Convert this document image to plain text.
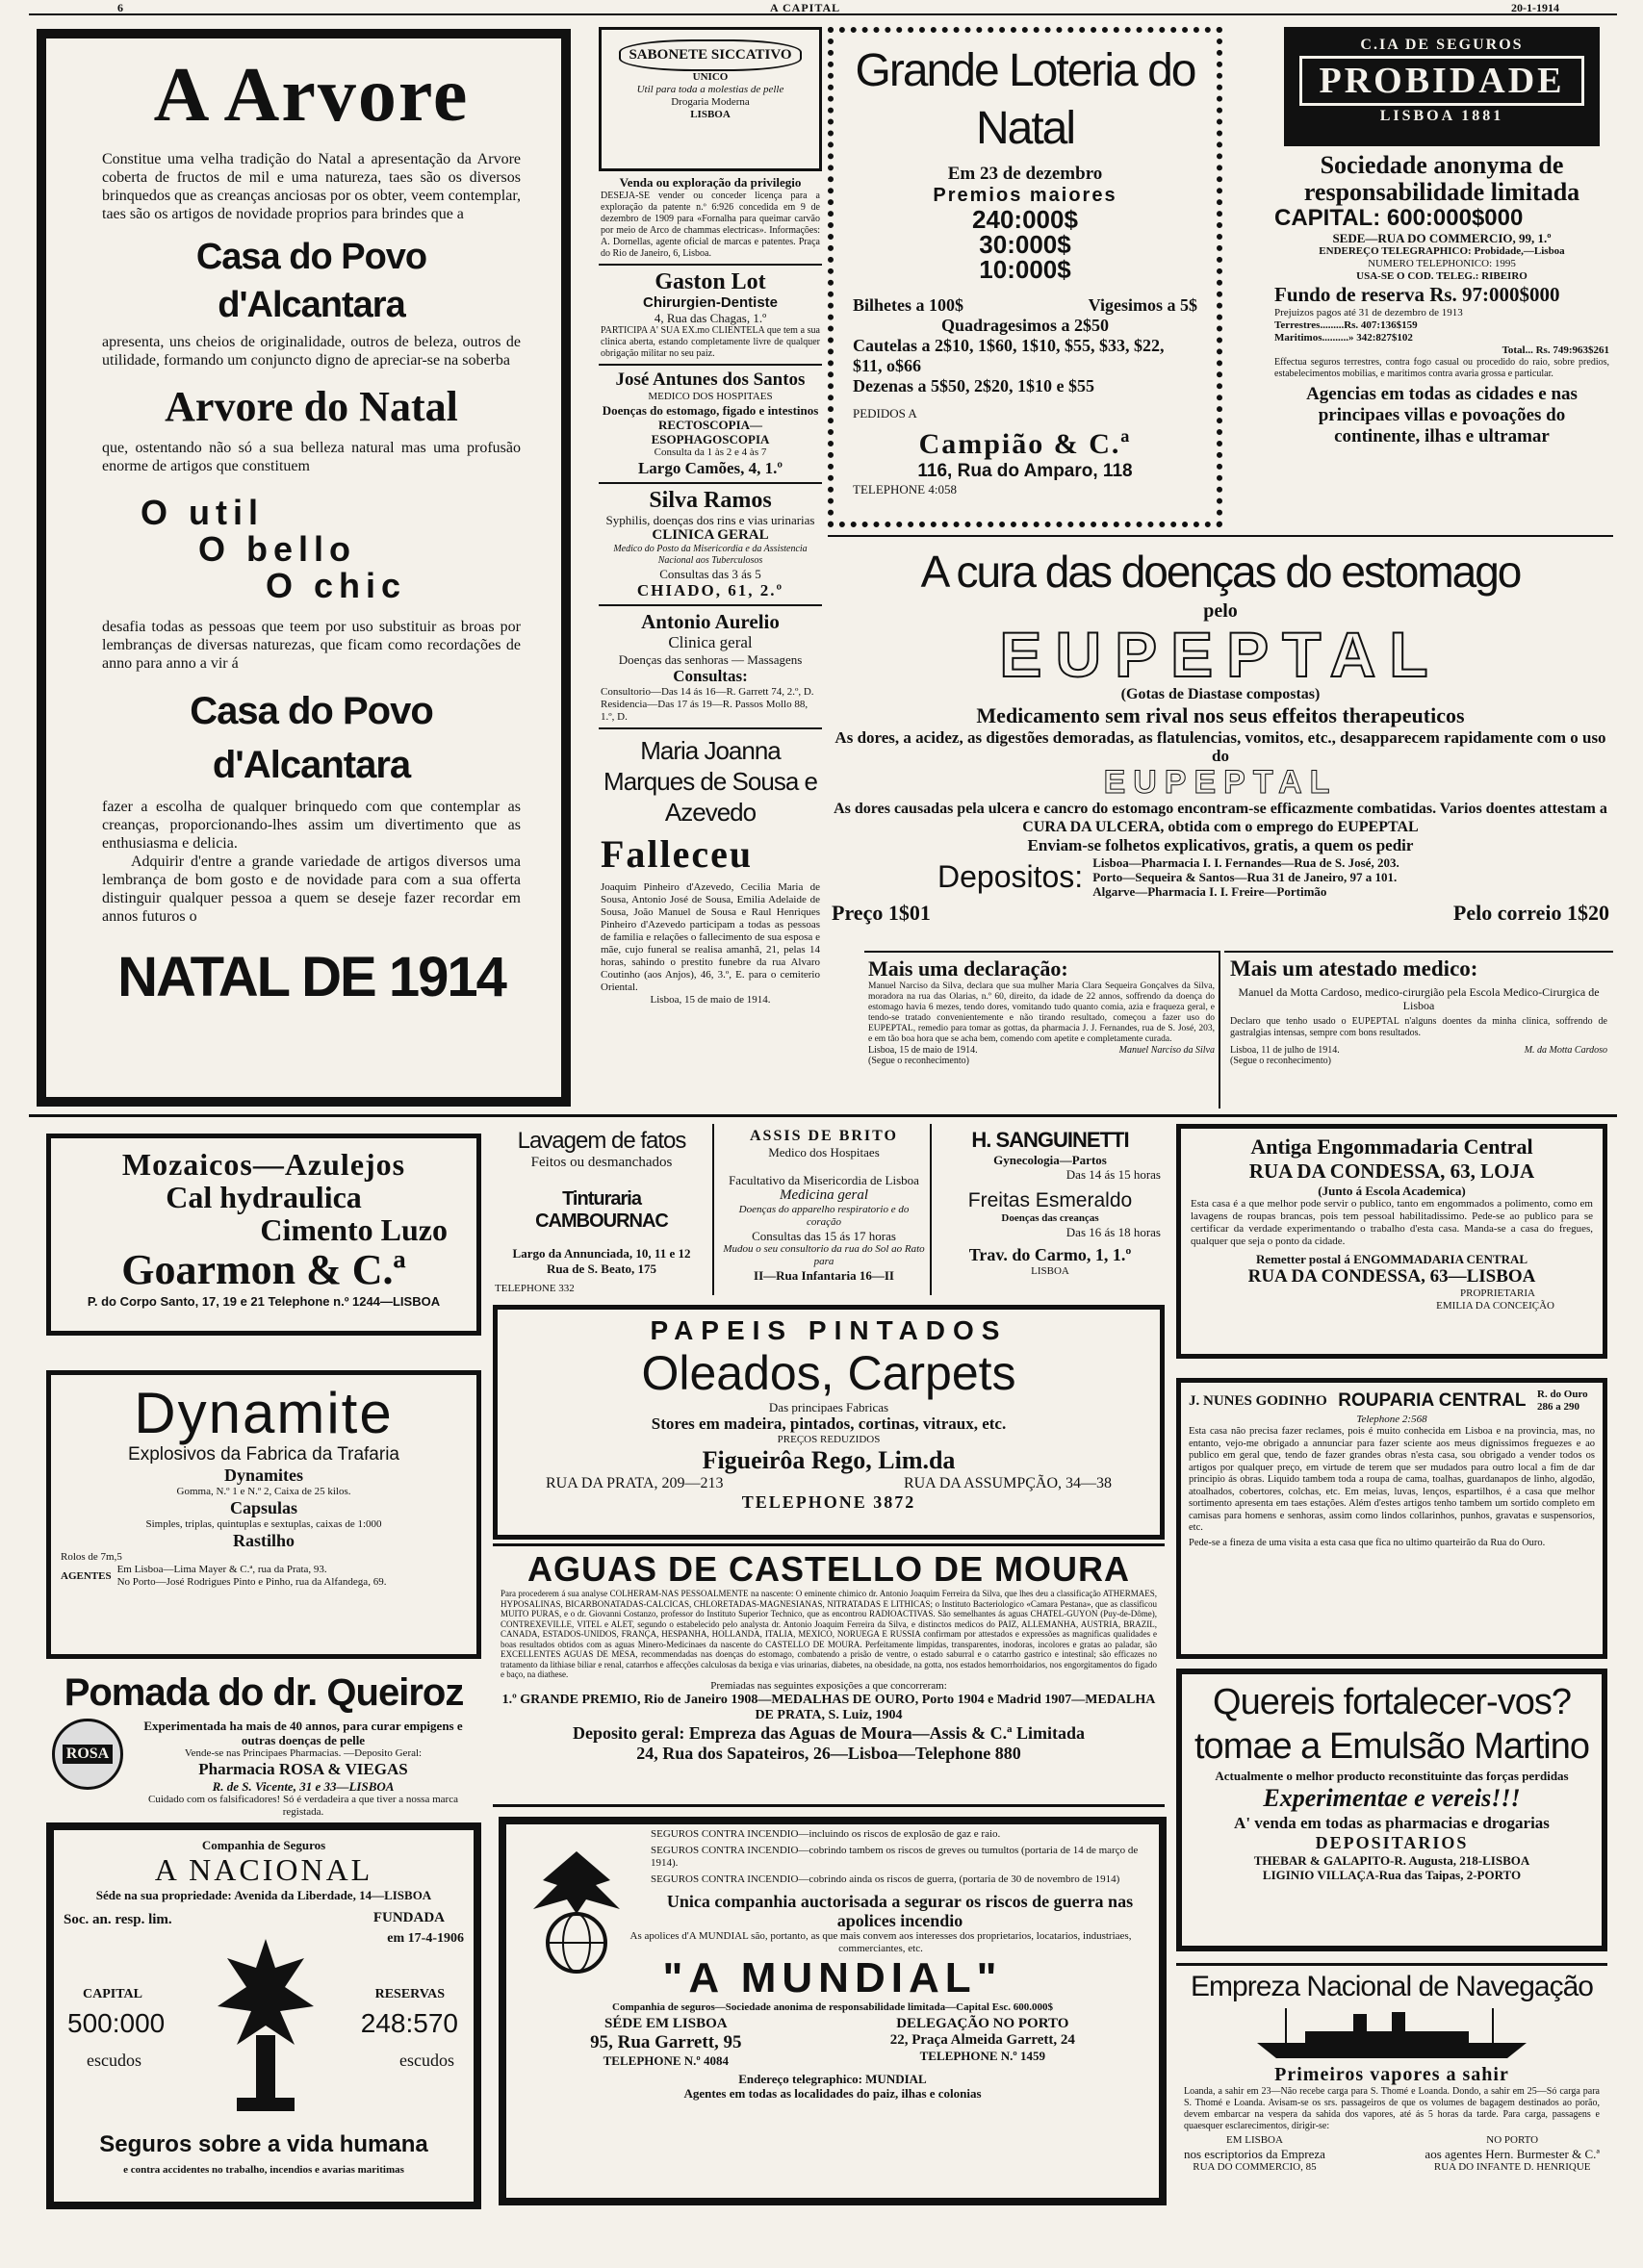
6	A CAPITAL	20-1-1914
A Arvore
Constitue uma velha tradição do Natal a apresentação da Arvore coberta de fructos de mil e uma natureza, taes são os diversos brinquedos que as creanças anciosas por os obter, veem contemplar, taes são os artigos de novidade proprios para brindes que a
Casa do Povo d'Alcantara
apresenta, uns cheios de originalidade, outros de beleza, outros de utilidade, formando um conjuncto digno de apreciar-se na soberba
Arvore do Natal
que, ostentando não só a sua belleza natural mas uma profusão enorme de artigos que constituem
O util
O bello
O chic
desafia todas as pessoas que teem por uso substituir as broas por lembranças de diversas naturezas, que ficam como recordações de anno para anno a vir á
Casa do Povo d'Alcantara
fazer a escolha de qualquer brinquedo com que contemplar as creanças, proporcionando-lhes assim um divertimento que as enthusiasma e delicia.
Adquirir d'entre a grande variedade de artigos diversos uma lembrança de bom gosto e de novidade para com a sua offerta distinguir qualquer pessoa a quem se deseje fazer recordar em annos futuros o
NATAL DE 1914
SABONETE SICCATIVO
UNICO
Util para toda a molestias de pelle
Drogaria Moderna
LISBOA
Venda ou exploração da privilegio
DESEJA-SE vender ou conceder licença para a exploração da patente n.º 6:926 concedida em 9 de dezembro de 1909 para «Fornalha para queimar carvão por meio de Arco de chammas electricas». Informações: A. Dornellas, agente oficial de marcas e patentes. Praça do Rio de Janeiro, 6, Lisboa.
Gaston Lot
Chirurgien-Dentiste
4, Rua das Chagas, 1.º
PARTICIPA A' SUA EX.mo CLIENTELA que tem a sua clinica aberta, estando completamente livre de qualquer obrigação militar no seu paiz.
José Antunes dos Santos
MEDICO DOS HOSPITAES
Doenças do estomago, figado e intestinos
RECTOSCOPIA—ESOPHAGOSCOPIA
Consulta da 1 às 2 e 4 às 7
Largo Camões, 4, 1.º
Silva Ramos
Syphilis, doenças dos rins e vias urinarias
CLINICA GERAL
Medico do Posto da Misericordia e da Assistencia Nacional aos Tuberculosos
Consultas das 3 ás 5
CHIADO, 61, 2.º
Antonio Aurelio
Clinica geral
Doenças das senhoras — Massagens
Consultas:
Consultorio—Das 14 ás 16—R. Garrett 74, 2.º, D.
Residencia—Das 17 ás 19—R. Passos Mollo 88, 1.º, D.
Maria Joanna Marques de Sousa e Azevedo
Falleceu
Joaquim Pinheiro d'Azevedo, Cecilia Maria de Sousa, Antonio José de Sousa, Emilia Adelaide de Sousa, João Manuel de Sousa e Raul Henriques Pinheiro d'Azevedo participam a todas as pessoas de familia e relações o fallecimento de sua esposa e mãe, cujo funeral se realisa amanhã, 21, pelas 14 horas, sahindo o prestito funebre da rua Alvaro Coutinho (aos Anjos), 46, 3.º, E. para o cemiterio Oriental.
Lisboa, 15 de maio de 1914.
Grande Loteria do Natal
Em 23 de dezembro
Premios maiores
240:000$
30:000$
10:000$
Bilhetes a 100$	Vigesimos a 5$
Quadragesimos a 2$50
Cautelas a 2$10, 1$60, 1$10, $55, $33, $22, $11, o$66
Dezenas a 5$50, 2$20, 1$10 e $55
PEDIDOS A
Campião & C.ª
116, Rua do Amparo, 118
TELEPHONE 4:058
C.IA DE SEGUROS
PROBIDADE
LISBOA 1881
Sociedade anonyma de responsabilidade limitada
CAPITAL: 600:000$000
SEDE—RUA DO COMMERCIO, 99, 1.º
ENDEREÇO TELEGRAPHICO: Probidade,—Lisboa
NUMERO TELEPHONICO: 1995
USA-SE O COD. TELEG.: RIBEIRO
Fundo de reserva Rs. 97:000$000
Prejuizos pagos até 31 de dezembro de 1913
Terrestres.........Rs. 407:136$159
Maritimos..........» 342:827$102
Total... Rs. 749:963$261
Effectua seguros terrestres, contra fogo casual ou procedido do raio, sobre predios, estabelecimentos mobilias, e maritimos contra avaria grossa e particular.
Agencias em todas as cidades e nas principaes villas e povoações do continente, ilhas e ultramar
A cura das doenças do estomago
pelo
EUPEPTAL
(Gotas de Diastase compostas)
Medicamento sem rival nos seus effeitos therapeuticos
As dores, a acidez, as digestões demoradas, as flatulencias, vomitos, etc., desapparecem rapidamente com o uso do
EUPEPTAL
As dores causadas pela ulcera e cancro do estomago encontram-se efficazmente combatidas. Varios doentes attestam a CURA DA ULCERA, obtida com o emprego do EUPEPTAL
Enviam-se folhetos explicativos, gratis, a quem os pedir
Depositos: Lisboa—Pharmacia I. I. Fernandes—Rua de S. José, 203.
Porto—Sequeira & Santos—Rua 31 de Janeiro, 97 a 101.
Algarve—Pharmacia I. I. Freire—Portimão
Preço 1$01	Pelo correio 1$20
Mais uma declaração:
Manuel Narciso da Silva, declara que sua mulher Maria Clara Sequeira Gonçalves da Silva, moradora na rua das Olarias, n.º 60, direito, da idade de 22 annos, soffrendo da doença do estomago havia 6 mezes, tendo dores, vomitando tudo quanto comia, azia e fraqueza geral, e tendo-se tratado convenientemente e não tirando resultado, começou a fazer uso do EUPEPTAL, remedio para tomar as gottas, da pharmacia J. J. Fernandes, rua de S. José, 203, e em tão boa hora que se acha bem, comendo com apetite e completamente curada.
Lisboa, 15 de maio de 1914.	Manuel Narciso da Silva
(Segue o reconhecimento)
Mais um atestado medico:
Manuel da Motta Cardoso, medico-cirurgião pela Escola Medico-Cirurgica de Lisboa
Declaro que tenho usado o EUPEPTAL n'alguns doentes da minha clinica, soffrendo de gastralgias intensas, sempre com bons resultados.
Lisboa, 11 de julho de 1914.	M. da Motta Cardoso
(Segue o reconhecimento)
Mozaicos—Azulejos
Cal hydraulica
Cimento Luzo
Goarmon & C.ª
P. do Corpo Santo, 17, 19 e 21 Telephone n.º 1244—LISBOA
Lavagem de fatos
Feitos ou desmanchados
Tinturaria CAMBOURNAC
Largo da Annunciada, 10, 11 e 12
Rua de S. Beato, 175
TELEPHONE 332
ASSIS DE BRITO
Medico dos Hospitaes
Facultativo da Misericordia de Lisboa
Medicina geral
Doenças do apparelho respiratorio e do coração
Consultas das 15 ás 17 horas
Mudou o seu consultorio da rua do Sol ao Rato para
II—Rua Infantaria 16—II
H. SANGUINETTI
Gynecologia—Partos
Das 14 ás 15 horas
Freitas Esmeraldo
Doenças das creanças
Das 16 ás 18 horas
Trav. do Carmo, 1, 1.º
LISBOA
Antiga Engommadaria Central
RUA DA CONDESSA, 63, LOJA
(Junto á Escola Academica)
Esta casa é a que melhor pode servir o publico, tanto em engommados a polimento, como em lavagens de roupas brancas, pois tem pessoal habilitadissimo. Pede-se ao publico para se certificar da verdade experimentando o trabalho d'esta casa. Manda-se a casa do fregues, qualquer que seja o ponto da cidade.
Remetter postal á ENGOMMADARIA CENTRAL
RUA DA CONDESSA, 63—LISBOA
PROPRIETARIA
EMILIA DA CONCEIÇÃO
PAPEIS PINTADOS
Oleados, Carpets
Das principaes Fabricas
Stores em madeira, pintados, cortinas, vitraux, etc.
PREÇOS REDUZIDOS
Figueirôa Rego, Lim.da
RUA DA PRATA, 209—213	RUA DA ASSUMPÇÃO, 34—38
TELEPHONE 3872
Dynamite
Explosivos da Fabrica da Trafaria
Dynamites
Gomma, N.º 1 e N.º 2, Caixa de 25 kilos.
Capsulas
Simples, triplas, quintuplas e sextuplas, caixas de 1:000
Rastilho
Rolos de 7m,5
AGENTES
Em Lisboa—Lima Mayer & C.ª, rua da Prata, 93.
No Porto—José Rodrigues Pinto e Pinho, rua da Alfandega, 69.
J. NUNES GODINHO ROUPARIA CENTRAL R. do Ouro 286 a 290
Telephone 2:568
Esta casa não precisa fazer reclames, pois é muito conhecida em Lisboa e na provincia, mas, no entanto, vejo-me obrigado a annunciar para fazer sciente aos meus dignissimos freguezes e ao publico em geral que, tendo de fazer grandes obras n'esta casa, sou obrigado a vender todos os artigos por qualquer preço, em virtude de terem que ser mudados para outro local a fim de dar principio ás obras. Liquido tambem toda a roupa de cama, toalhas, guardanapos de linho, algodão, atoalhados, cobertores, colchas, etc. Em meias, luvas, lenços, espartilhos, é a casa que melhor sortimento apresenta em taes estações. Além d'estes artigos tenho tambem um sortido completo em camisas para homens e senhoras, assim como lindos collarinhos, punhos, gravatas e suspensorios, etc.
Pede-se a fineza de uma visita a esta casa que fica no ultimo quarteirão da Rua do Ouro.
AGUAS DE CASTELLO DE MOURA
Para procederem á sua analyse COLHERAM-NAS PESSOALMENTE na nascente: O eminente chimico dr. Antonio Joaquim Ferreira da Silva, que lhes deu a classificação ATHERMAES, HYPOSALINAS, BICARBONATADAS-CALCICAS, CHLORETADAS-MAGNESIANAS, NITRATADAS E LITHICAS; o Instituto Bacteriologico «Camara Pestana», que as classificou MUITO PURAS, e o dr. Giovanni Costanzo, professor do Instituto Superior Technico, que as encontrou RADIOACTIVAS. São semelhantes ás aguas CHATEL-GUYON (Puy-de-Dôme), CONTREXEVILLE, VITEL e ALET, segundo o estabelecido pelo analysta dr. Antonio Joaquim Ferreira da Silva, e distinctos medicos do PAIZ, ALLEMANHA, AUSTRIA, BRAZIL, CANADA, ESTADOS-UNIDOS, FRANÇA, HESPANHA, HOLLANDA, ITALIA, MEXICO, NORUEGA E RUSSIA confirmam por attestados e expressões as magnificas qualidades e boas resultados obtidos com as aguas Minero-Medicinaes da nascente do CASTELLO DE MOURA. Perfeitamente limpidas, transparentes, inodoras, incolores e gratas ao paladar, são EXCELLENTES AGUAS DE MESA, recommendadas nas doenças do estomago, combatendo a prisão de ventre, o estado saburral e o catarrho gastrico e intestinal; são efficazes no tratamento da lithiase biliar e renal, catarrhos e affecções calculosas da bexiga e vias urinarias, diabetes, na obesidade, na gotta, nos estados hemorrhoidarios, nos engorgitamentos do figado e baço, na diathese.
Premiadas nas seguintes exposições a que concorreram:
1.º GRANDE PREMIO, Rio de Janeiro 1908—MEDALHAS DE OURO, Porto 1904 e Madrid 1907—MEDALHA DE PRATA, S. Luiz, 1904
Deposito geral: Empreza das Aguas de Moura—Assis & C.ª Limitada
24, Rua dos Sapateiros, 26—Lisboa—Telephone 880
Pomada do dr. Queiroz
ROSA
Experimentada ha mais de 40 annos, para curar empigens e outras doenças de pelle
Vende-se nas Principaes Pharmacias. —Deposito Geral:
Pharmacia ROSA & VIEGAS
R. de S. Vicente, 31 e 33—LISBOA
Cuidado com os falsificadores! Só é verdadeira a que tiver a nossa marca registada.
Companhia de Seguros
A NACIONAL
Séde na sua propriedade: Avenida da Liberdade, 14—LISBOA
Soc. an. resp. lim.	FUNDADA
em 17-4-1906
CAPITAL
500:000
escudos
RESERVAS
248:570
escudos
Seguros sobre a vida humana
e contra accidentes no trabalho, incendios e avarias maritimas
SEGUROS CONTRA INCENDIO—incluindo os riscos de explosão de gaz e raio.
SEGUROS CONTRA INCENDIO—cobrindo tambem os riscos de greves ou tumultos (portaria de 14 de março de 1914).
SEGUROS CONTRA INCENDIO—cobrindo ainda os riscos de guerra, (portaria de 30 de novembro de 1914)
Unica companhia auctorisada a segurar os riscos de guerra nas apolices incendio
As apolices d'A MUNDIAL são, portanto, as que mais convem aos interesses dos proprietarios, locatarios, industriaes, commerciantes, etc.
"A MUNDIAL"
Companhia de seguros—Sociedade anonima de responsabilidade limitada—Capital Esc. 600.000$
SÉDE EM LISBOA
95, Rua Garrett, 95
TELEPHONE N.º 4084
DELEGAÇÃO NO PORTO
22, Praça Almeida Garrett, 24
TELEPHONE N.º 1459
Endereço telegraphico: MUNDIAL
Agentes em todas as localidades do paiz, ilhas e colonias
Quereis fortalecer-vos?
tomae a Emulsão Martino
Actualmente o melhor producto reconstituinte das forças perdidas
Experimentae e vereis!!!
A' venda em todas as pharmacias e drogarias
DEPOSITARIOS
THEBAR & GALAPITO-R. Augusta, 218-LISBOA
LIGINIO VILLAÇA-Rua das Taipas, 2-PORTO
Empreza Nacional de Navegação
Primeiros vapores a sahir
Loanda, a sahir em 23—Não recebe carga para S. Thomé e Loanda. Dondo, a sahir em 25—Só carga para S. Thomé e Loanda. Avisam-se os srs. passageiros de que os volumes de bagagem destinados ao porão, devem embarcar na vespera da sahida dos vapores, até ás 5 horas da tarde. Para carga, passagens e quaesquer esclarecimentos, dirigir-se:
EM LISBOA
nos escriptorios da Empreza
RUA DO COMMERCIO, 85
NO PORTO
aos agentes Hern. Burmester & C.ª
RUA DO INFANTE D. HENRIQUE
